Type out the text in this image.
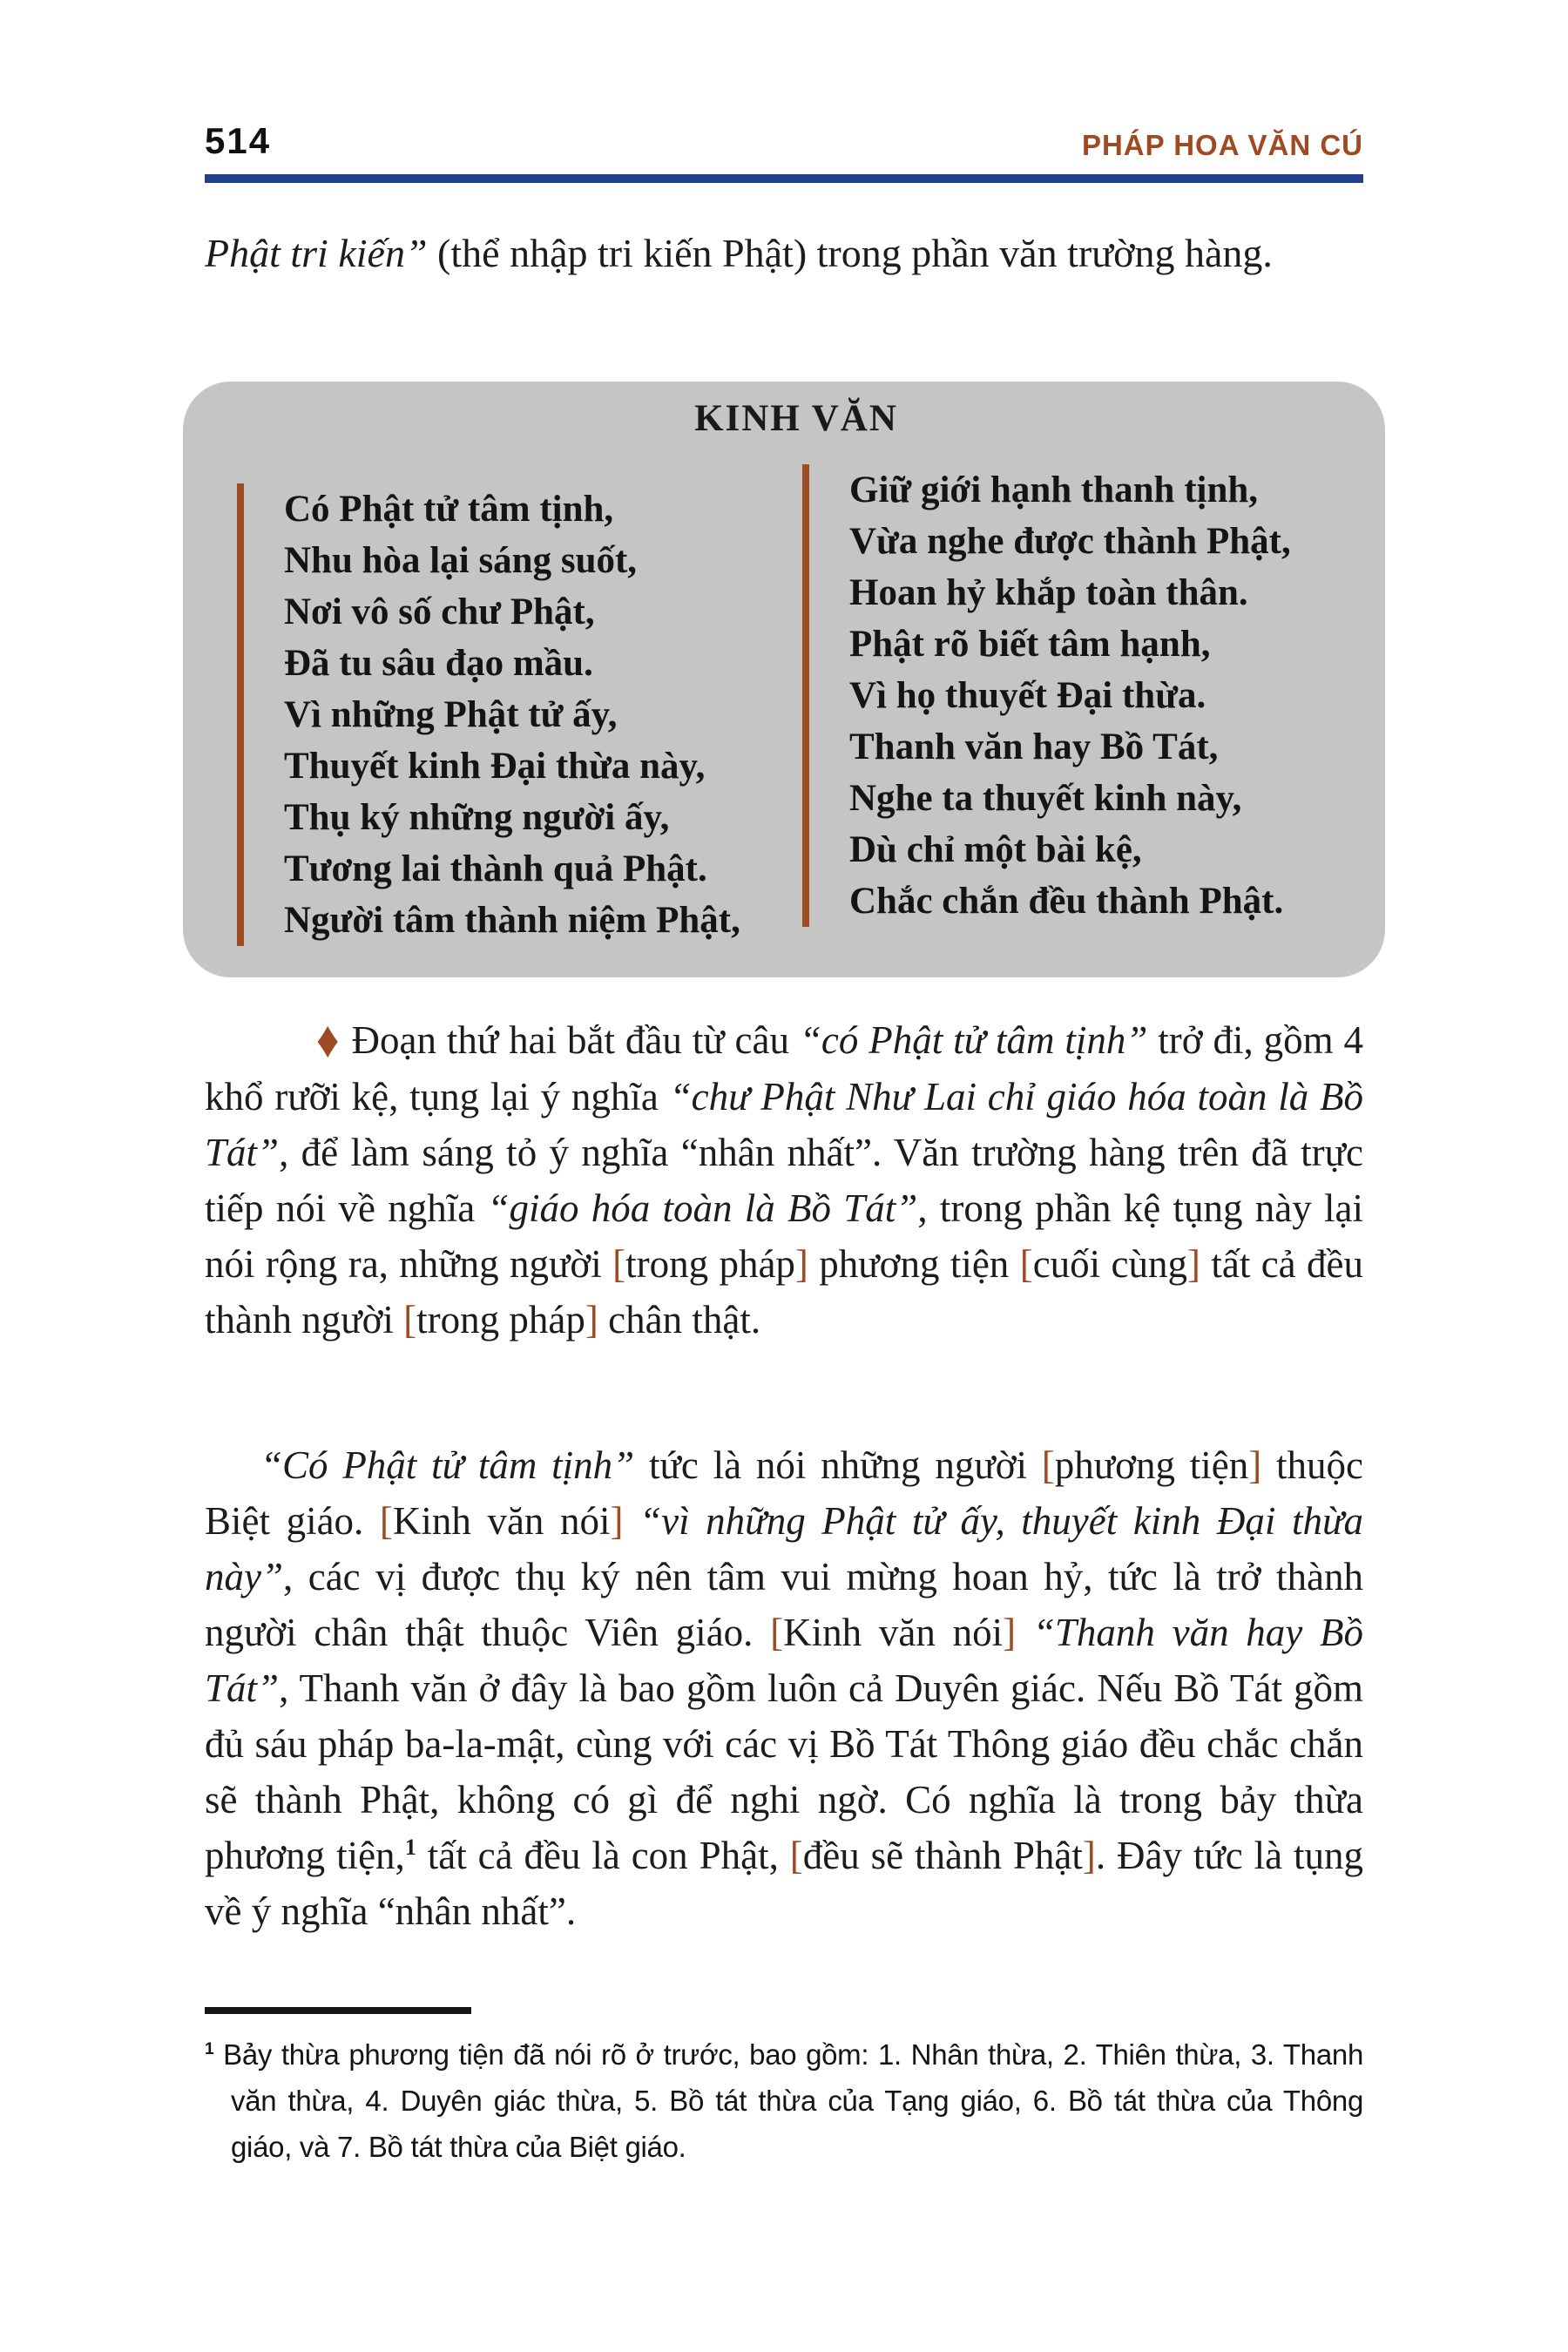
514	PHÁP HOA VĂN CÚ

Phật tri kiến” (thể nhập tri kiến Phật) trong phần văn trường hàng.

KINH VĂN
Có Phật tử tâm tịnh,
Nhu hòa lại sáng suốt,
Nơi vô số chư Phật,
Đã tu sâu đạo mầu.
Vì những Phật tử ấy,
Thuyết kinh Đại thừa này,
Thụ ký những người ấy,
Tương lai thành quả Phật.
Người tâm thành niệm Phật,
Giữ giới hạnh thanh tịnh,
Vừa nghe được thành Phật,
Hoan hỷ khắp toàn thân.
Phật rõ biết tâm hạnh,
Vì họ thuyết Đại thừa.
Thanh văn hay Bồ Tát,
Nghe ta thuyết kinh này,
Dù chỉ một bài kệ,
Chắc chắn đều thành Phật.

♦ Đoạn thứ hai bắt đầu từ câu “có Phật tử tâm tịnh” trở đi, gồm 4 khổ rưỡi kệ, tụng lại ý nghĩa “chư Phật Như Lai chỉ giáo hóa toàn là Bồ Tát”, để làm sáng tỏ ý nghĩa “nhân nhất”. Văn trường hàng trên đã trực tiếp nói về nghĩa “giáo hóa toàn là Bồ Tát”, trong phần kệ tụng này lại nói rộng ra, những người [trong pháp] phương tiện [cuối cùng] tất cả đều thành người [trong pháp] chân thật.

“Có Phật tử tâm tịnh” tức là nói những người [phương tiện] thuộc Biệt giáo. [Kinh văn nói] “vì những Phật tử ấy, thuyết kinh Đại thừa này”, các vị được thụ ký nên tâm vui mừng hoan hỷ, tức là trở thành người chân thật thuộc Viên giáo. [Kinh văn nói] “Thanh văn hay Bồ Tát”, Thanh văn ở đây là bao gồm luôn cả Duyên giác. Nếu Bồ Tát gồm đủ sáu pháp ba-la-mật, cùng với các vị Bồ Tát Thông giáo đều chắc chắn sẽ thành Phật, không có gì để nghi ngờ. Có nghĩa là trong bảy thừa phương tiện,$^1$ tất cả đều là con Phật, [đều sẽ thành Phật]. Đây tức là tụng về ý nghĩa “nhân nhất”.

$^1$ Bảy thừa phương tiện đã nói rõ ở trước, bao gồm: 1. Nhân thừa, 2. Thiên thừa, 3. Thanh văn thừa, 4. Duyên giác thừa, 5. Bồ tát thừa của Tạng giáo, 6. Bồ tát thừa của Thông giáo, và 7. Bồ tát thừa của Biệt giáo.
